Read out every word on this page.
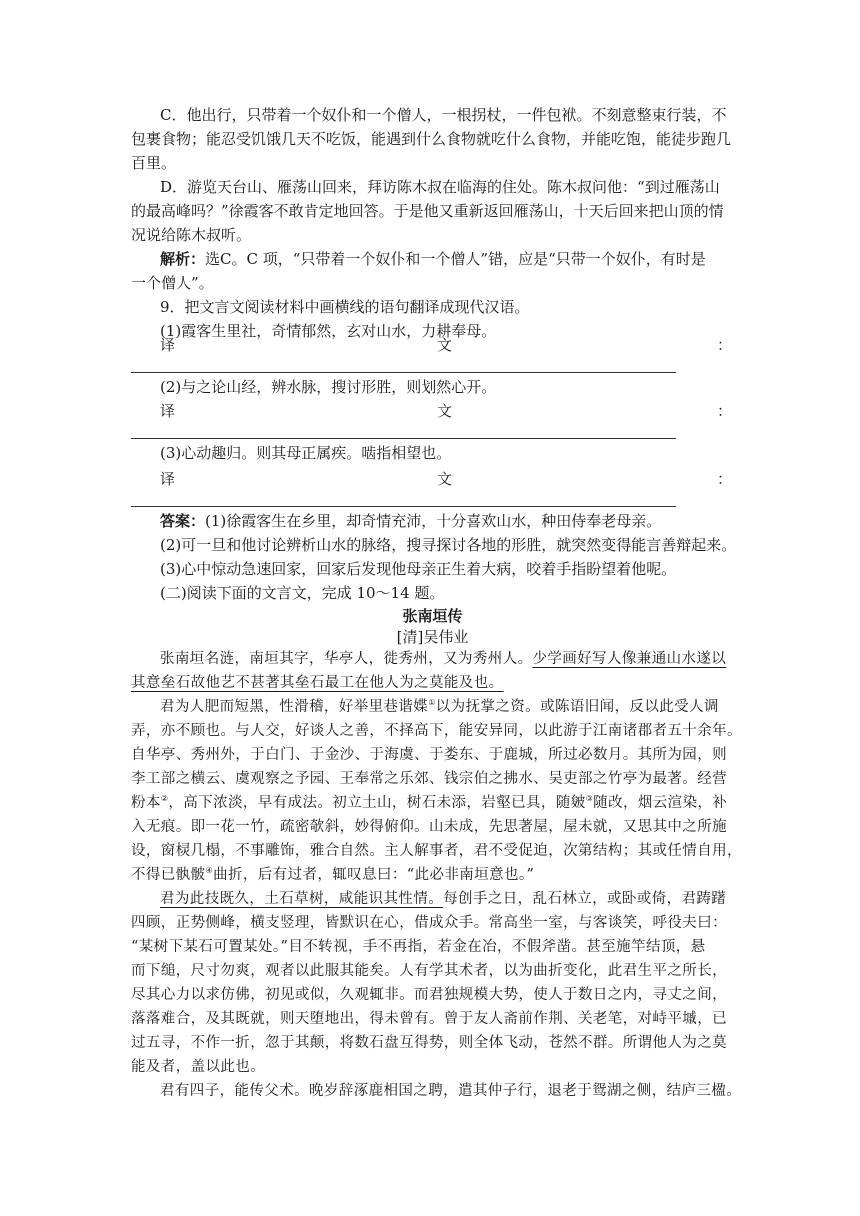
C．他出行，只带着一个奴仆和一个僧人，一根拐杖，一件包袱。不刻意整束行装，不
包裹食物；能忍受饥饿几天不吃饭，能遇到什么食物就吃什么食物，并能吃饱，能徒步跑几
百里。
D．游览天台山、雁荡山回来，拜访陈木叔在临海的住处。陈木叔问他：“到过雁荡山
的最高峰吗？”徐霞客不敢肯定地回答。于是他又重新返回雁荡山，十天后回来把山顶的情
况说给陈木叔听。
解析：选C。C 项，“只带着一个奴仆和一个僧人”错，应是“只带一个奴仆，有时是
一个僧人”。
9．把文言文阅读材料中画横线的语句翻译成现代汉语。
(1)霞客生里社，奇情郁然，玄对山水，力耕奉母。
译	文	：
(2)与之论山经，辨水脉，搜讨形胜，则划然心开。
译	文	：
(3)心动趣归。则其母正属疾。啮指相望也。
译	文	：
答案：(1)徐霞客生在乡里，却奇情充沛，十分喜欢山水，种田侍奉老母亲。
(2)可一旦和他讨论辨析山水的脉络，搜寻探讨各地的形胜，就突然变得能言善辩起来。
(3)心中惊动急速回家，回家后发现他母亲正生着大病，咬着手指盼望着他呢。
(二)阅读下面的文言文，完成 10～14 题。
张南垣传
[清]吴伟业
张南垣名涟，南垣其字，华亭人，徙秀州，又为秀州人。少学画好写人像兼通山水遂以
其意垒石故他艺不甚著其垒石最工在他人为之莫能及也。
君为人肥而短黑，性滑稽，好举里巷谐媟①以为抚掌之资。或陈语旧闻，反以此受人调
弄，亦不顾也。与人交，好谈人之善，不择高下，能安异同，以此游于江南诸郡者五十余年。
自华亭、秀州外，于白门、于金沙、于海虞、于娄东、于鹿城，所过必数月。其所为园，则
李工部之横云、虞观察之予园、王奉常之乐郊、钱宗伯之拂水、吴吏部之竹亭为最著。经营
粉本②，高下浓淡，早有成法。初立土山，树石未添，岩壑已具，随皴③随改，烟云渲染，补
入无痕。即一花一竹，疏密欹斜，妙得俯仰。山未成，先思著屋，屋未就，又思其中之所施
设，窗棂几榻，不事雕饰，雅合自然。主人解事者，君不受促迫，次第结构；其或任情自用，
不得已骫骳④曲折，后有过者，辄叹息曰：“此必非南垣意也。”
君为此技既久，土石草树，咸能识其性情。每创手之日，乱石林立，或卧或倚，君踌躇
四顾，正势侧峰，横支竖理，皆默识在心，借成众手。常高坐一室，与客谈笑，呼役夫曰：
“某树下某石可置某处。”目不转视，手不再指，若金在冶，不假斧凿。甚至施竿结顶，悬
而下缒，尺寸勿爽，观者以此服其能矣。人有学其术者，以为曲折变化，此君生平之所长，
尽其心力以求仿佛，初见或似，久观辄非。而君独规模大势，使人于数日之内，寻丈之间，
落落难合，及其既就，则天堕地出，得未曾有。曾于友人斋前作荆、关老笔，对峙平墄，已
过五寻，不作一折，忽于其颠，将数石盘互得势，则全体飞动，苍然不群。所谓他人为之莫
能及者，盖以此也。
君有四子，能传父术。晚岁辞涿鹿相国之聘，遣其仲子行，退老于鸳湖之侧，结庐三楹。
